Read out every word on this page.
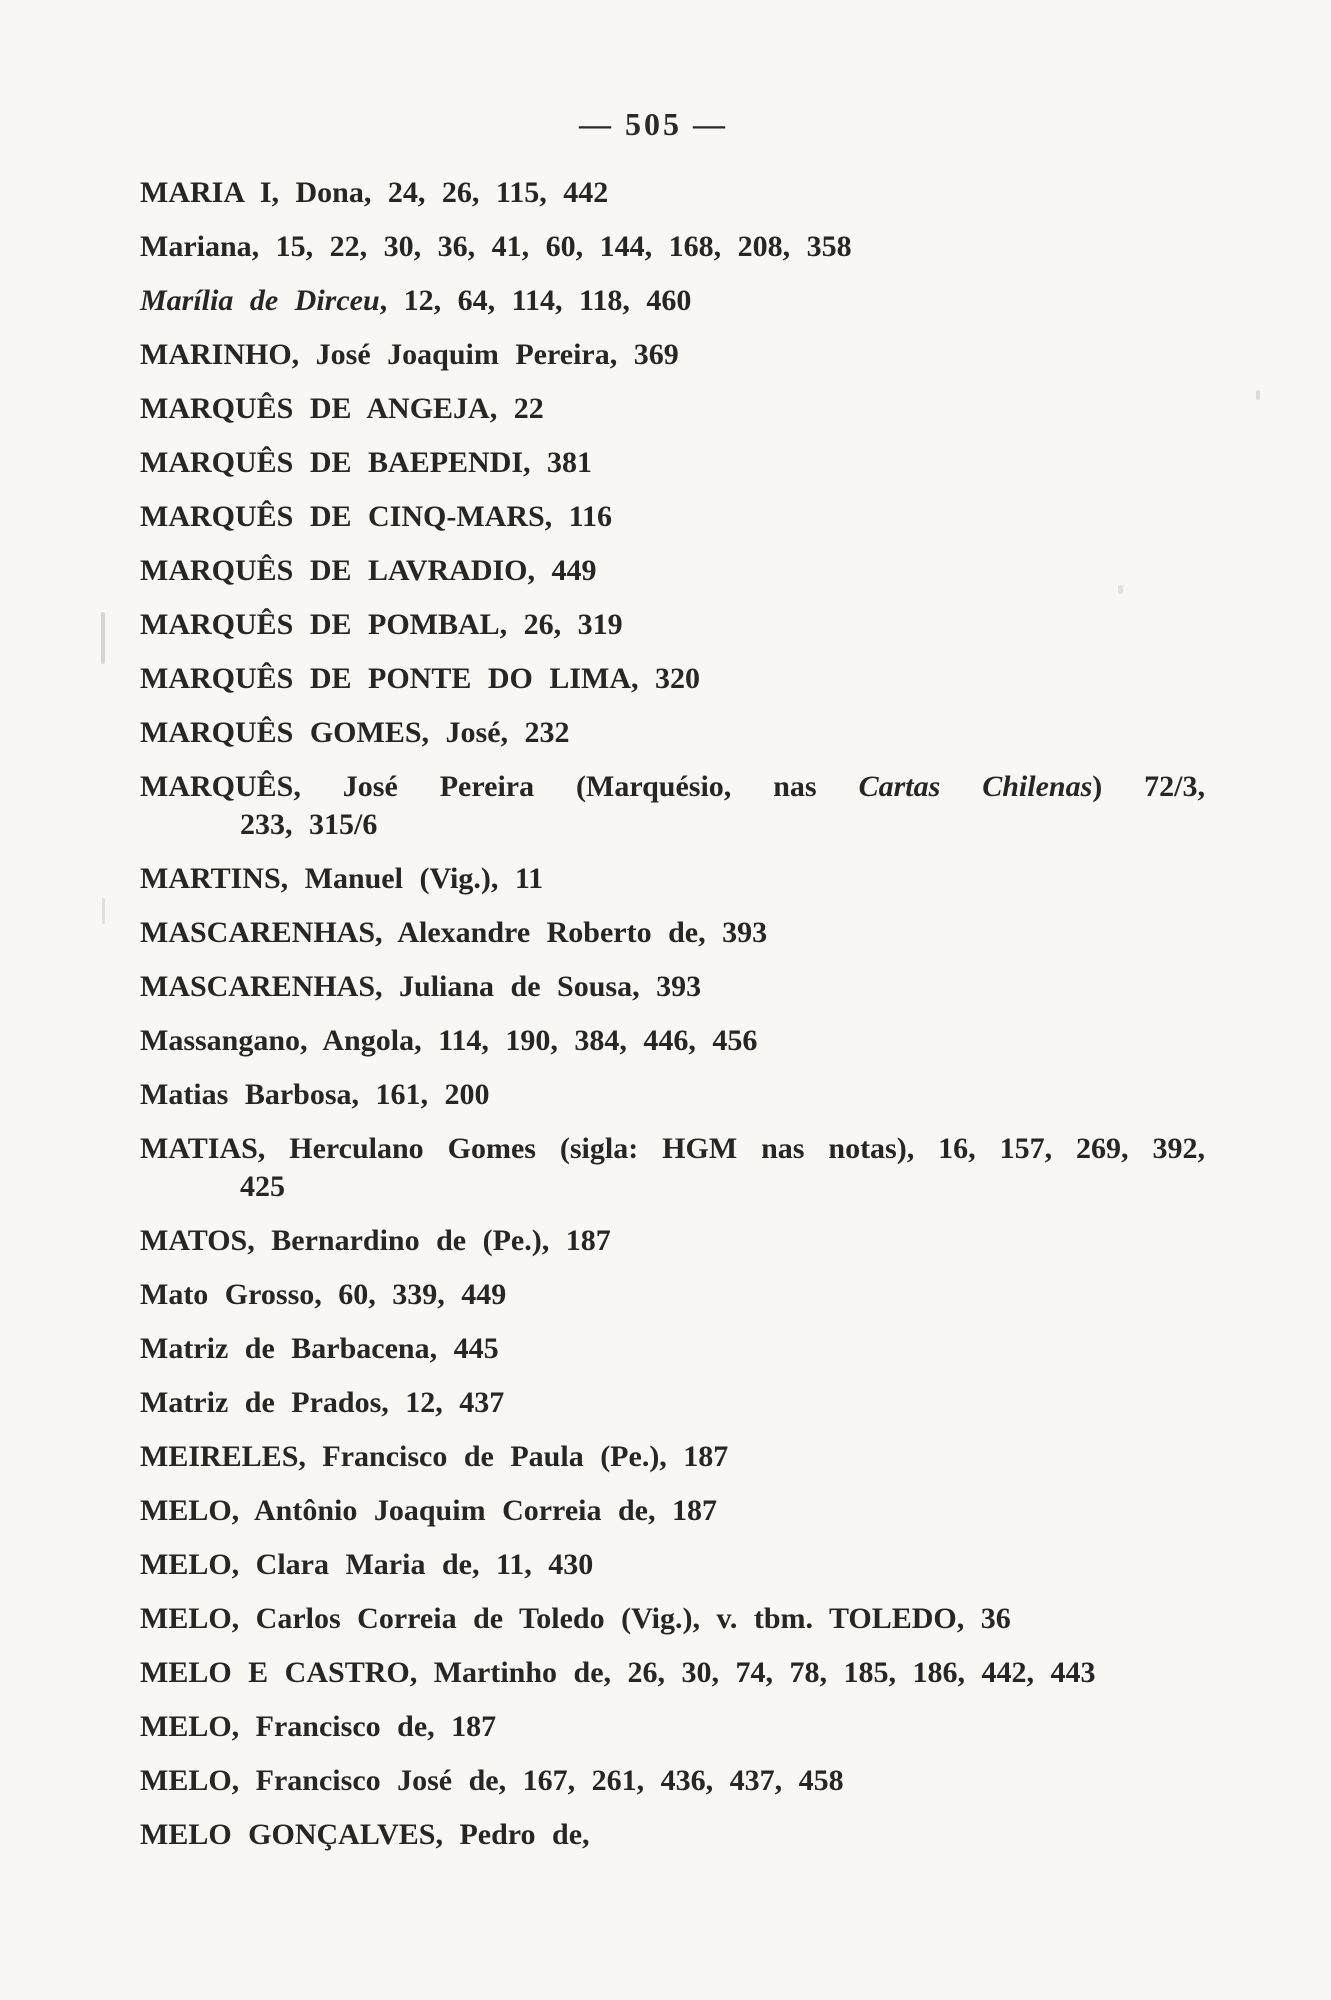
— 505 —
MARIA I, Dona, 24, 26, 115, 442
Mariana, 15, 22, 30, 36, 41, 60, 144, 168, 208, 358
Marília de Dirceu, 12, 64, 114, 118, 460
MARINHO, José Joaquim Pereira, 369
MARQUÊS DE ANGEJA, 22
MARQUÊS DE BAEPENDI, 381
MARQUÊS DE CINQ-MARS, 116
MARQUÊS DE LAVRADIO, 449
MARQUÊS DE POMBAL, 26, 319
MARQUÊS DE PONTE DO LIMA, 320
MARQUÊS GOMES, José, 232
MARQUÊS, José Pereira (Marquésio, nas Cartas Chilenas) 72/3,
233, 315/6
MARTINS, Manuel (Vig.), 11
MASCARENHAS, Alexandre Roberto de, 393
MASCARENHAS, Juliana de Sousa, 393
Massangano, Angola, 114, 190, 384, 446, 456
Matias Barbosa, 161, 200
MATIAS, Herculano Gomes (sigla: HGM nas notas), 16, 157, 269, 392,
425
MATOS, Bernardino de (Pe.), 187
Mato Grosso, 60, 339, 449
Matriz de Barbacena, 445
Matriz de Prados, 12, 437
MEIRELES, Francisco de Paula (Pe.), 187
MELO, Antônio Joaquim Correia de, 187
MELO, Clara Maria de, 11, 430
MELO, Carlos Correia de Toledo (Vig.), v. tbm. TOLEDO, 36
MELO E CASTRO, Martinho de, 26, 30, 74, 78, 185, 186, 442, 443
MELO, Francisco de, 187
MELO, Francisco José de, 167, 261, 436, 437, 458
MELO GONÇALVES, Pedro de,
